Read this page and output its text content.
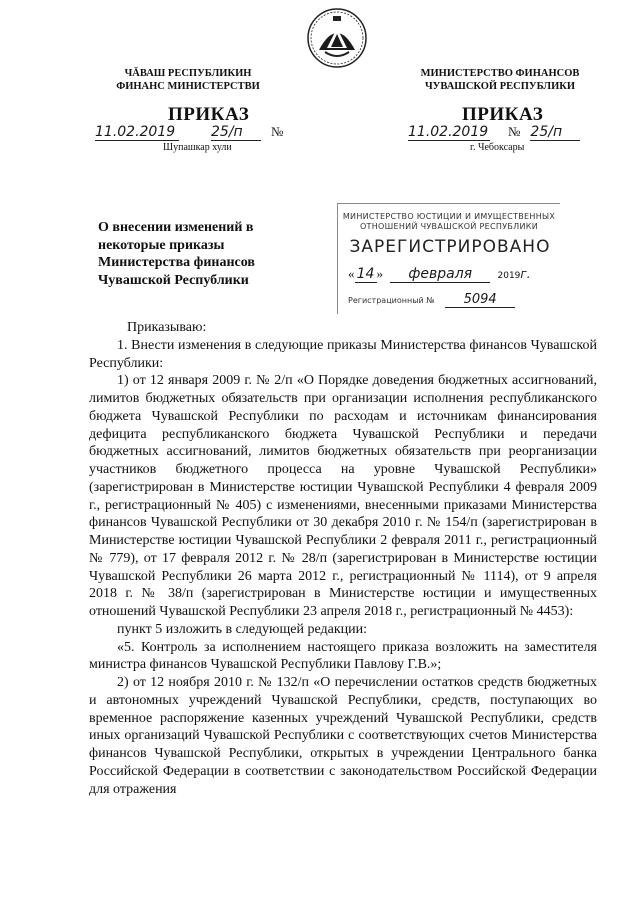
ЧĂВАШ РЕСПУБЛИКИН
ФИНАНС МИНИСТЕРСТВИ
ПРИКАЗ
11.02.2019	25/п №
Шупашкар хули
МИНИСТЕРСТВО ФИНАНСОВ
ЧУВАШСКОЙ РЕСПУБЛИКИ
ПРИКАЗ
11.02.2019 № 25/п
г. Чебоксары
О внесении изменений в
некоторые приказы
Министерства финансов
Чувашской Республики
МИНИСТЕРСТВО ЮСТИЦИИ И ИМУЩЕСТВЕННЫХ
ОТНОШЕНИЙ ЧУВАШСКОЙ РЕСПУБЛИКИ
ЗАРЕГИСТРИРОВАНО
« 14 » февраля	2019г.
Регистрационный № 5094

Приказываю:

1. Внести изменения в следующие приказы Министерства финансов Чувашской Республики:

1) от 12 января 2009 г. № 2/п «О Порядке доведения бюджетных ассигнований, лимитов бюджетных обязательств при организации исполнения республиканского бюджета Чувашской Республики по расходам и источникам финансирования дефицита республиканского бюджета Чувашской Республики и передачи бюджетных ассигнований, лимитов бюджетных обязательств при реорганизации участников бюджетного процесса на уровне Чувашской Республики» (зарегистрирован в Министерстве юстиции Чувашской Республики 4 февраля 2009 г., регистрационный № 405) с изменениями, внесенными приказами Министерства финансов Чувашской Республики от 30 декабря 2010 г. № 154/п (зарегистрирован в Министерстве юстиции Чувашской Республики 2 февраля 2011 г., регистрационный № 779), от 17 февраля 2012 г. № 28/п (зарегистрирован в Министерстве юстиции Чувашской Республики 26 марта 2012 г., регистрационный № 1114), от 9 апреля 2018 г. № 38/п (зарегистрирован в Министерстве юстиции и имущественных отношений Чувашской Республики 23 апреля 2018 г., регистрационный № 4453):

пункт 5 изложить в следующей редакции:

«5. Контроль за исполнением настоящего приказа возложить на заместителя министра финансов Чувашской Республики Павлову Г.В.»;

2) от 12 ноября 2010 г. № 132/п «О перечислении остатков средств бюджетных и автономных учреждений Чувашской Республики, средств, поступающих во временное распоряжение казенных учреждений Чувашской Республики, средств иных организаций Чувашской Республики с соответствующих счетов Министерства финансов Чувашской Республики, открытых в учреждении Центрального банка Российской Федерации в соответствии с законодательством Российской Федерации для отражения
